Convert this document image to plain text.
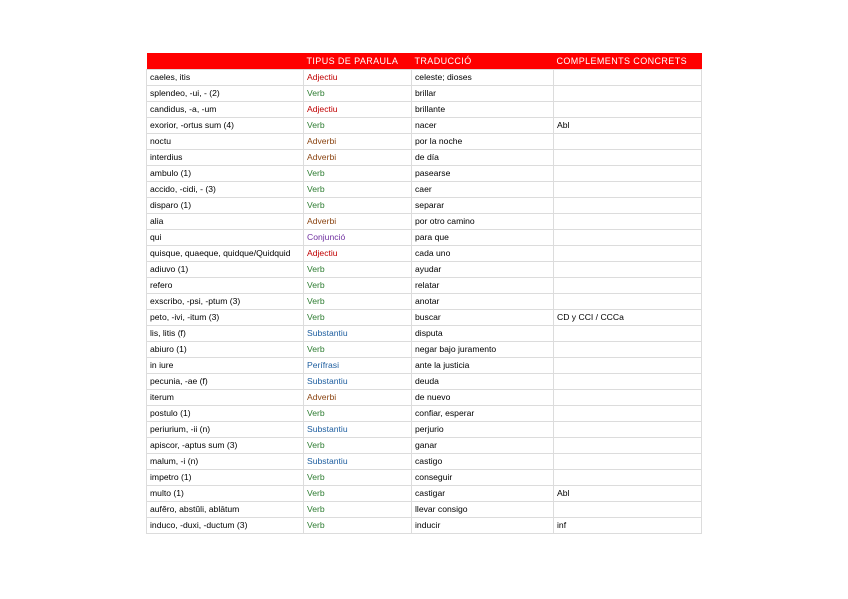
	TIPUS DE PARAULA	TRADUCCIÓ	COMPLEMENTS CONCRETS
caeles, itis	Adjectiu	celeste; dioses	
splendeo, -ui, - (2)	Verb	brillar	
candidus, -a, -um	Adjectiu	brillante	
exorior, -ortus sum (4)	Verb	nacer	Abl
noctu	Adverbi	por la noche	
interdius	Adverbi	de día	
ambulo (1)	Verb	pasearse	
accido, -cidi, - (3)	Verb	caer	
disparo (1)	Verb	separar	
alia	Adverbi	por otro camino	
qui	Conjunció	para que	
quisque, quaeque, quidque/Quidquid	Adjectiu	cada uno	
adiuvo (1)	Verb	ayudar	
refero	Verb	relatar	
exscribo, -psi, -ptum (3)	Verb	anotar	
peto, -ivi, -itum (3)	Verb	buscar	CD y CCI / CCCa
lis, litis (f)	Substantiu	disputa	
abiuro (1)	Verb	negar bajo juramento	
in iure	Perífrasi	ante la justicia	
pecunia, -ae (f)	Substantiu	deuda	
iterum	Adverbi	de nuevo	
postulo (1)	Verb	confiar, esperar	
periurium, -ii (n)	Substantiu	perjurio	
apiscor, -aptus sum (3)	Verb	ganar	
malum, -i (n)	Substantiu	castigo	
impetro (1)	Verb	conseguir	
multo (1)	Verb	castigar	Abl
aufĕro, abstŭli, ablātum	Verb	llevar consigo	
induco, -duxi, -ductum (3)	Verb	inducir	inf
